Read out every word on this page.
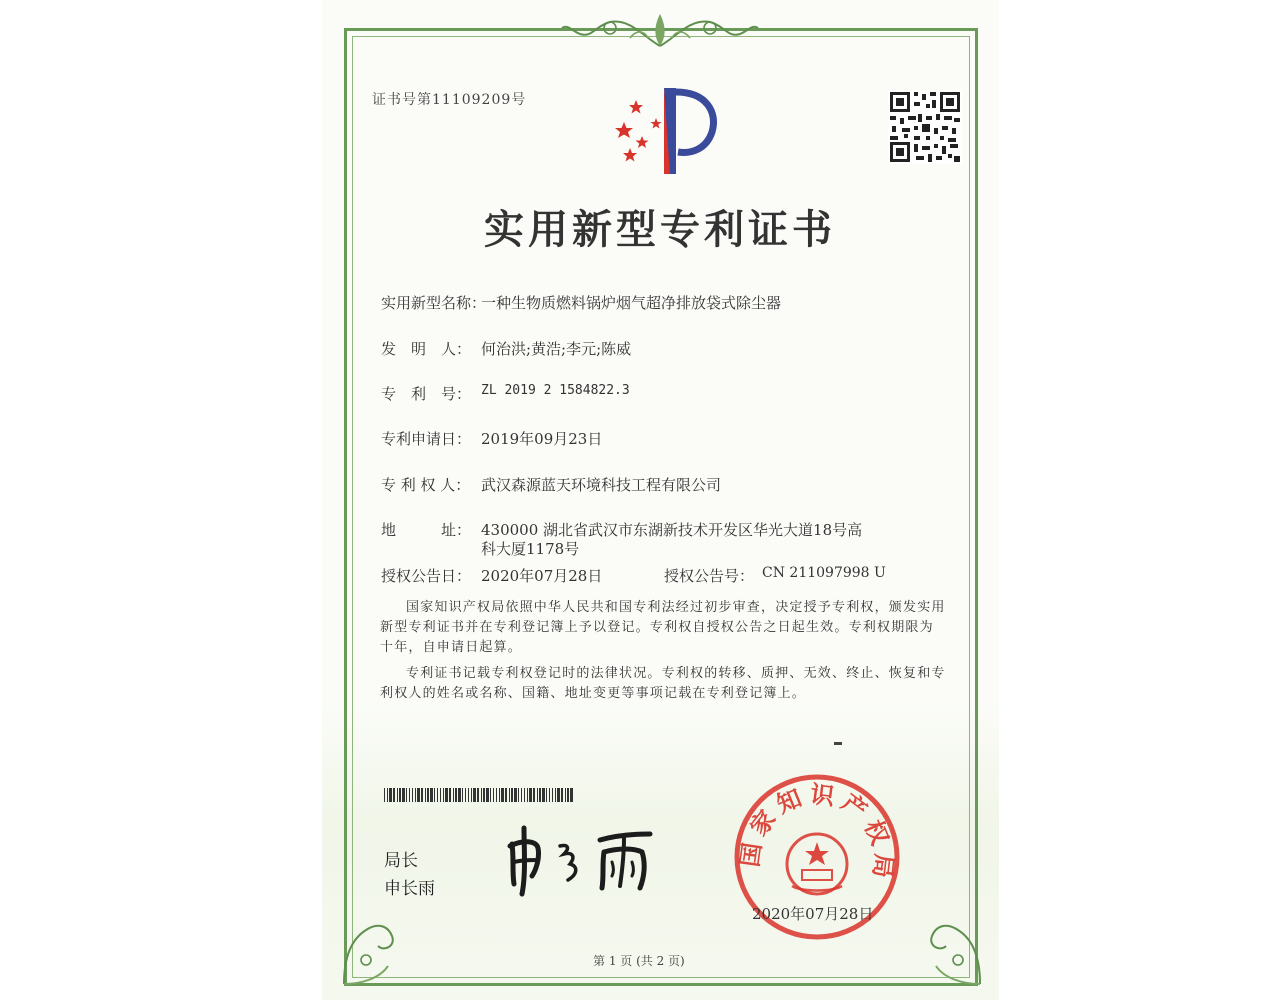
证书号第11109209号
实用新型专利证书
实用新型名称：
一种生物质燃料锅炉烟气超净排放袋式除尘器
发　明　人： 何治洪;黄浩;李元;陈威
专　利　号： ZL 2019 2 1584822.3
专利申请日： 2019年09月23日
专 利 权 人： 武汉森源蓝天环境科技工程有限公司
地　　　址： 430000 湖北省武汉市东湖新技术开发区华光大道18号高
科大厦1178号
授权公告日： 2020年07月28日	授权公告号： CN 211097998 U
国家知识产权局依照中华人民共和国专利法经过初步审查，决定授予专利权，颁发实用新型专利证书并在专利登记簿上予以登记。专利权自授权公告之日起生效。专利权期限为十年，自申请日起算。
专利证书记载专利权登记时的法律状况。专利权的转移、质押、无效、终止、恢复和专利权人的姓名或名称、国籍、地址变更等事项记载在专利登记簿上。
局长
申长雨
国家知识产权局
2020年07月28日
第 1 页 (共 2 页)
